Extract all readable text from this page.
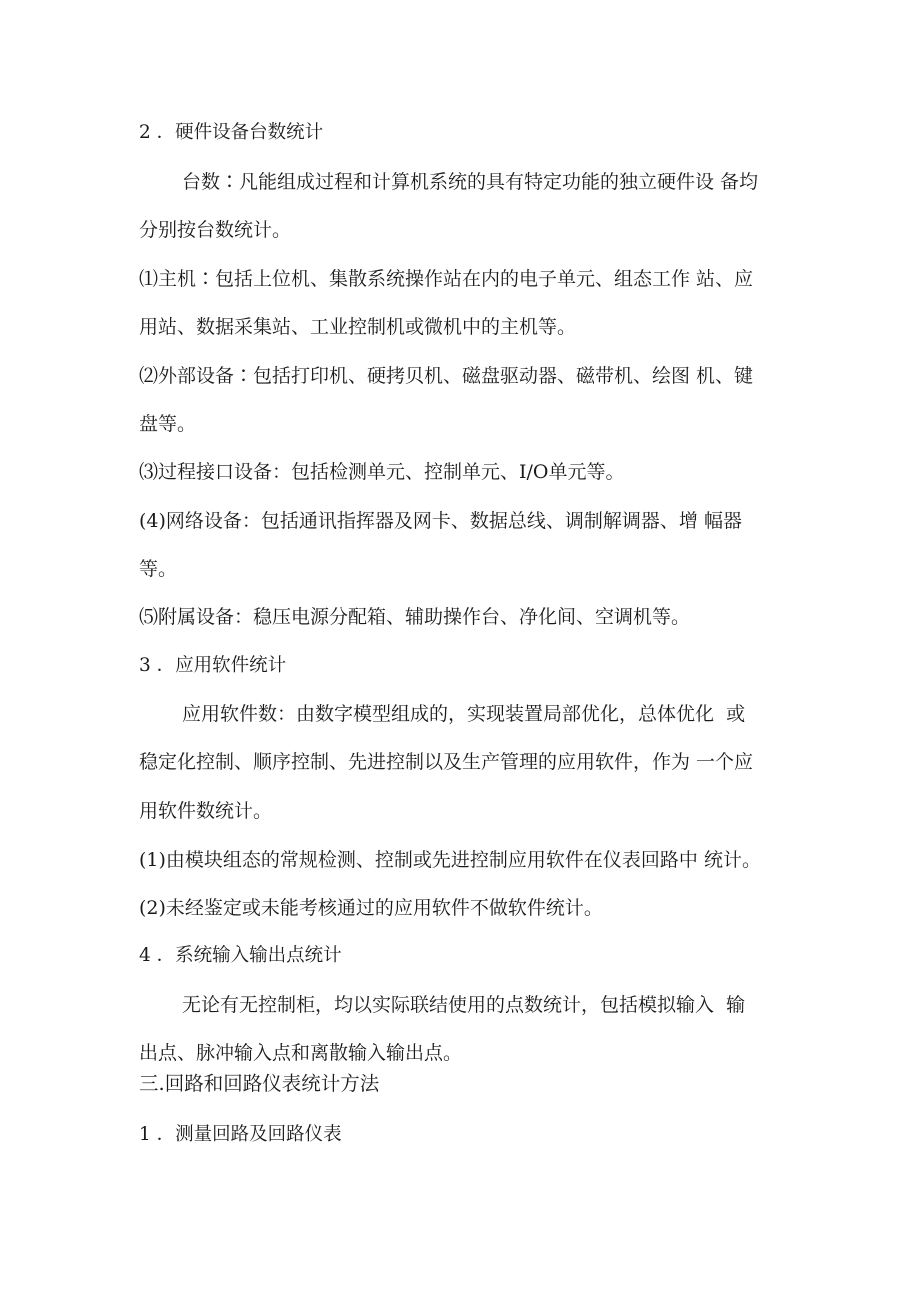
2 ．硬件设备台数统计
台数∶凡能组成过程和计算机系统的具有特定功能的独立硬件设 备均
分别按台数统计。
⑴主机∶包括上位机、集散系统操作站在内的电子单元、组态工作 站、应
用站、数据采集站、工业控制机或微机中的主机等。
⑵外部设备∶包括打印机、硬拷贝机、磁盘驱动器、磁带机、绘图 机、键
盘等。
⑶过程接口设备：包括检测单元、控制单元、I/O单元等。
(4)网络设备：包括通讯指挥器及网卡、数据总线、调制解调器、增 幅器
等。
⑸附属设备：稳压电源分配箱、辅助操作台、净化间、空调机等。
3 ．应用软件统计
应用软件数：由数字模型组成的，实现装置局部优化，总体优化  或
稳定化控制、顺序控制、先进控制以及生产管理的应用软件，作为 一个应
用软件数统计。
(1)由模块组态的常规检测、控制或先进控制应用软件在仪表回路中 统计。
(2)未经鉴定或未能考核通过的应用软件不做软件统计。
4 ．系统输入输出点统计
无论有无控制柜，均以实际联结使用的点数统计，包括模拟输入  输
出点、脉冲输入点和离散输入输出点。
三.回路和回路仪表统计方法
1 ．测量回路及回路仪表
